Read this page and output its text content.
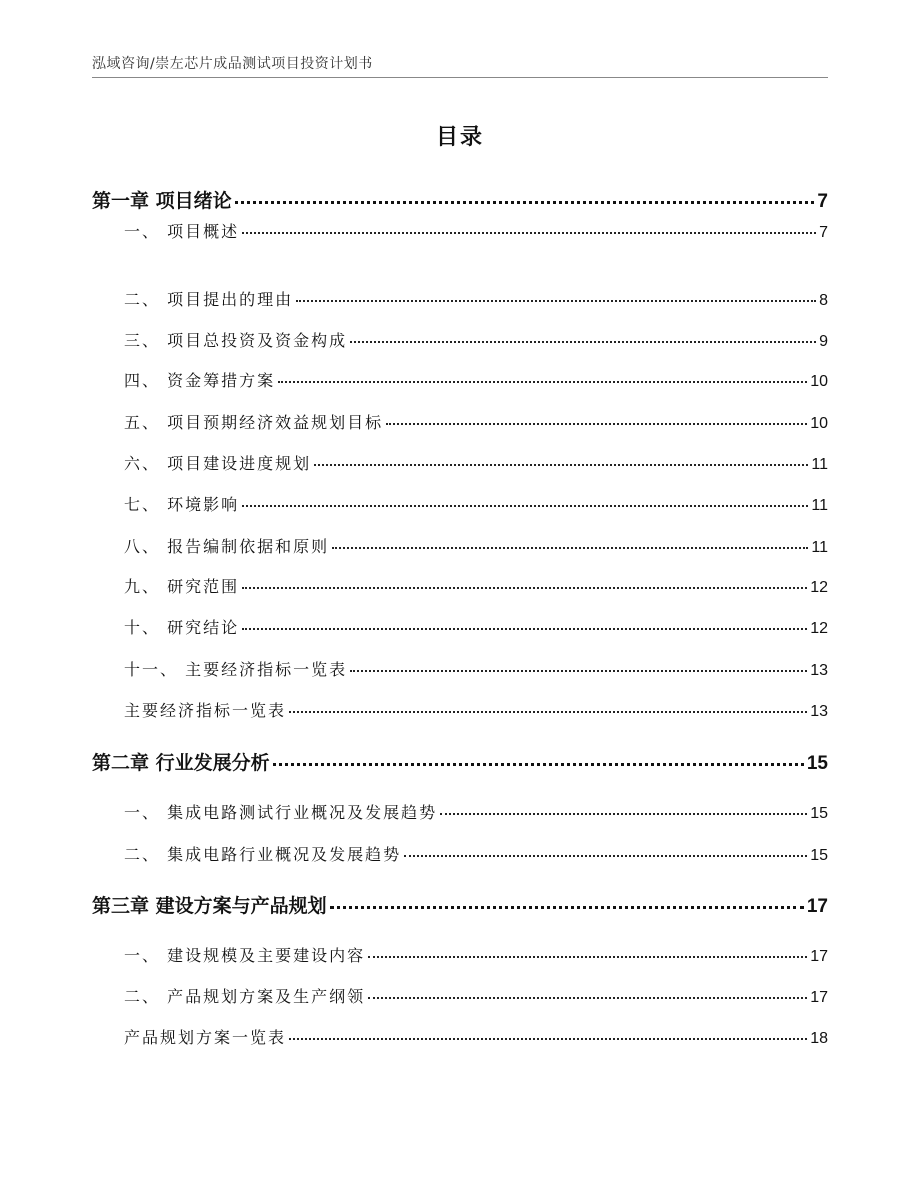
泓域咨询/崇左芯片成品测试项目投资计划书
目录
第一章 项目绪论	7
一、 项目概述	7
二、 项目提出的理由	8
三、 项目总投资及资金构成	9
四、 资金筹措方案	10
五、 项目预期经济效益规划目标	10
六、 项目建设进度规划	11
七、 环境影响	11
八、 报告编制依据和原则	11
九、 研究范围	12
十、 研究结论	12
十一、 主要经济指标一览表	13
主要经济指标一览表	13
第二章 行业发展分析	15
一、 集成电路测试行业概况及发展趋势	15
二、 集成电路行业概况及发展趋势	15
第三章 建设方案与产品规划	17
一、 建设规模及主要建设内容	17
二、 产品规划方案及生产纲领	17
产品规划方案一览表	18
